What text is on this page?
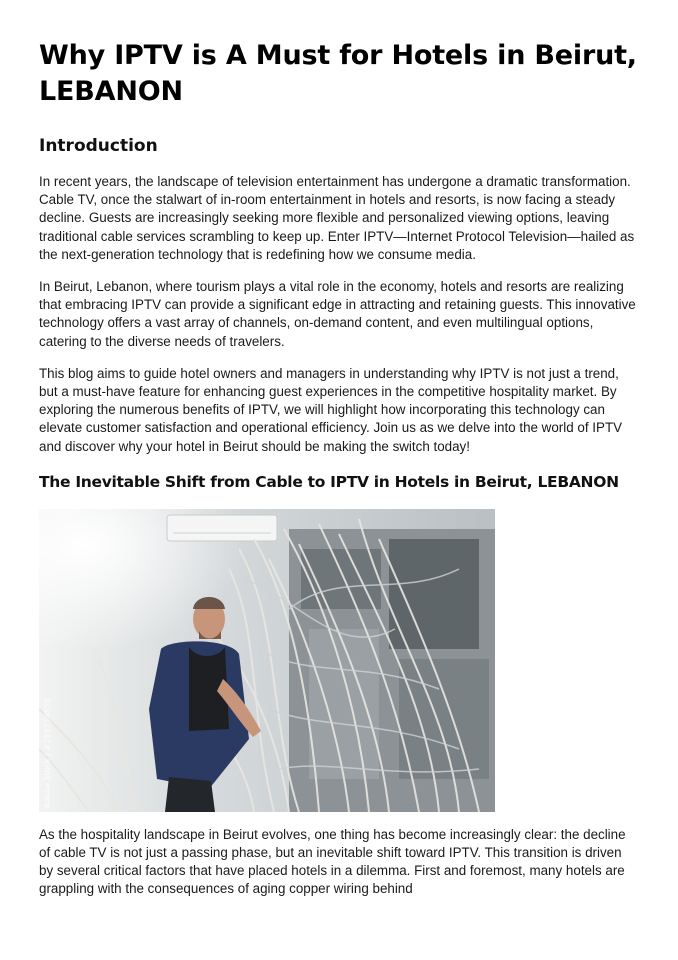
Why IPTV is A Must for Hotels in Beirut, LEBANON
Introduction

In recent years, the landscape of television entertainment has undergone a dramatic transformation. Cable TV, once the stalwart of in-room entertainment in hotels and resorts, is now facing a steady decline. Guests are increasingly seeking more flexible and personalized viewing options, leaving traditional cable services scrambling to keep up. Enter IPTV—Internet Protocol Television—hailed as the next-generation technology that is redefining how we consume media.

In Beirut, Lebanon, where tourism plays a vital role in the economy, hotels and resorts are realizing that embracing IPTV can provide a significant edge in attracting and retaining guests. This innovative technology offers a vast array of channels, on-demand content, and even multilingual options, catering to the diverse needs of travelers.

This blog aims to guide hotel owners and managers in understanding why IPTV is not just a trend, but a must-have feature for enhancing guest experiences in the competitive hospitality market. By exploring the numerous benefits of IPTV, we will highlight how incorporating this technology can elevate customer satisfaction and operational efficiency. Join us as we delve into the world of IPTV and discover why your hotel in Beirut should be making the switch today!

The Inevitable Shift from Cable to IPTV in Hotels in Beirut, LEBANON
Adobe Stock | #293758858

As the hospitality landscape in Beirut evolves, one thing has become increasingly clear: the decline of cable TV is not just a passing phase, but an inevitable shift toward IPTV. This transition is driven by several critical factors that have placed hotels in a dilemma. First and foremost, many hotels are grappling with the consequences of aging copper wiring behind
